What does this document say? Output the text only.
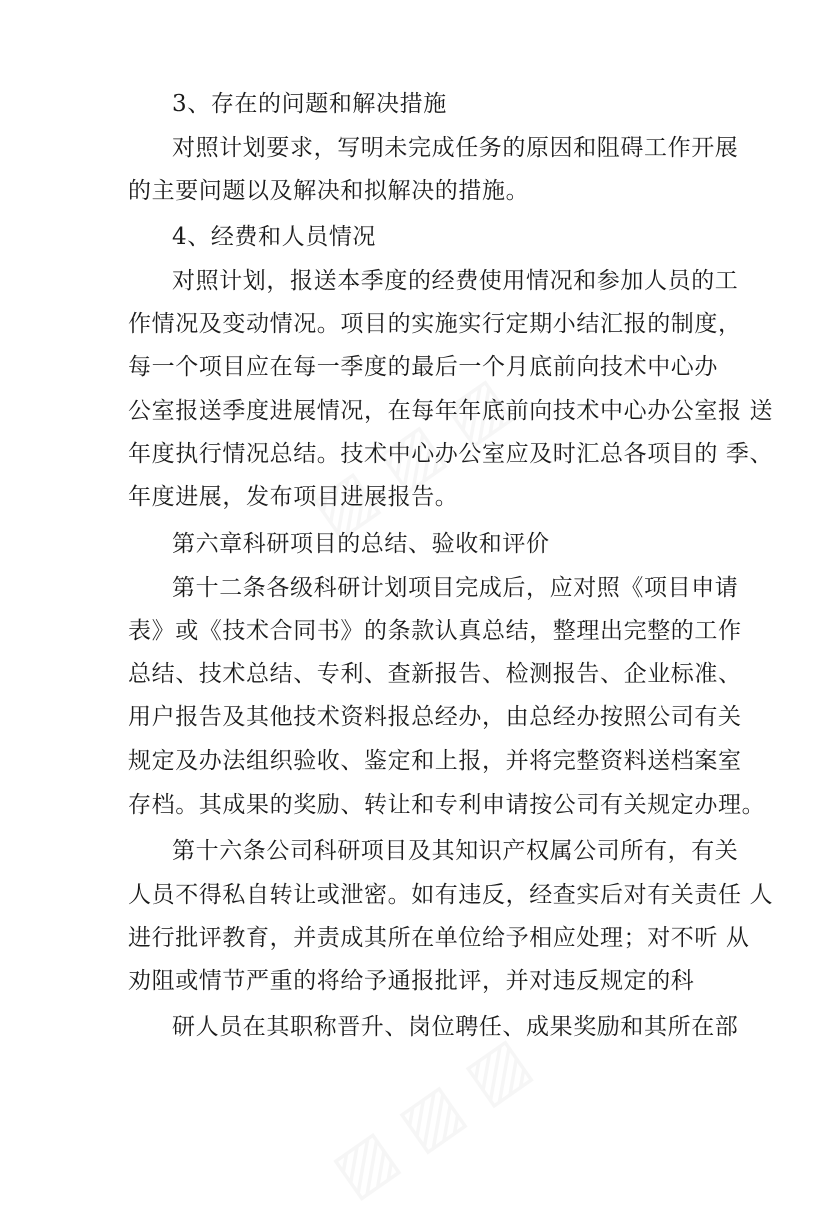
3、存在的问题和解决措施
对照计划要求，写明未完成任务的原因和阻碍工作开展
的主要问题以及解决和拟解决的措施。
4、经费和人员情况
对照计划，报送本季度的经费使用情况和参加人员的工
作情况及变动情况。项目的实施实行定期小结汇报的制度，
每一个项目应在每一季度的最后一个月底前向技术中心办
公室报送季度进展情况，在每年年底前向技术中心办公室报 送
年度执行情况总结。技术中心办公室应及时汇总各项目的 季、
年度进展，发布项目进展报告。
第六章科研项目的总结、验收和评价
第十二条各级科研计划项目完成后，应对照《项目申请
表》或《技术合同书》的条款认真总结，整理出完整的工作
总结、技术总结、专利、查新报告、检测报告、企业标准、
用户报告及其他技术资料报总经办，由总经办按照公司有关
规定及办法组织验收、鉴定和上报，并将完整资料送档案室
存档。其成果的奖励、转让和专利申请按公司有关规定办理。
第十六条公司科研项目及其知识产权属公司所有，有关
人员不得私自转让或泄密。如有违反，经查实后对有关责任 人
进行批评教育，并责成其所在单位给予相应处理；对不听 从
劝阻或情节严重的将给予通报批评，并对违反规定的科
研人员在其职称晋升、岗位聘任、成果奖励和其所在部
